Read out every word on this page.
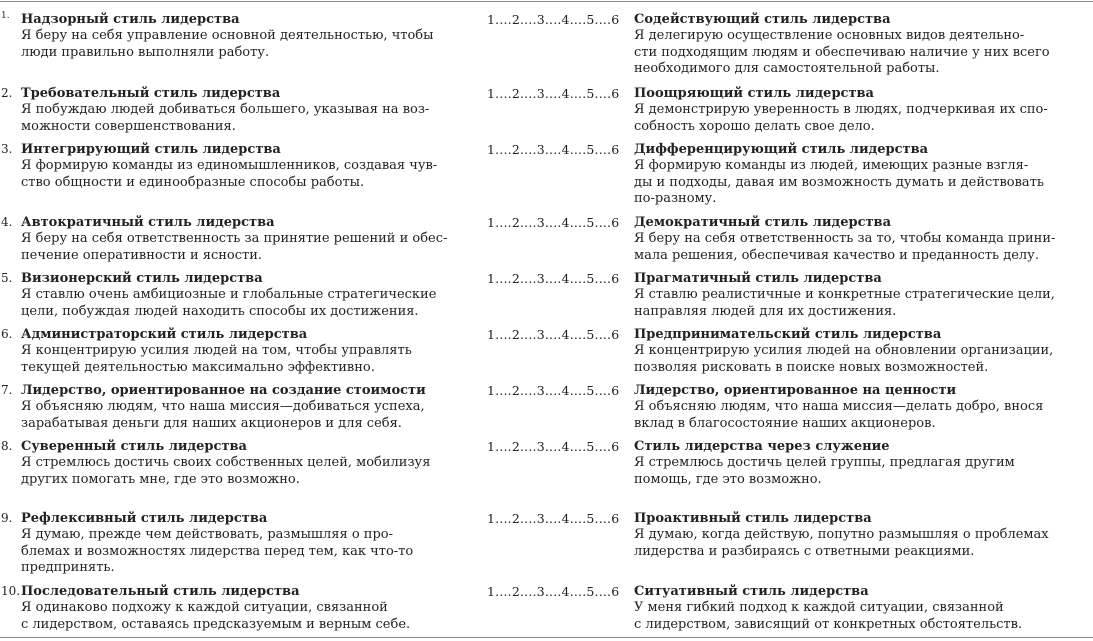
1. Надзорный стиль лидерства
Я беру на себя управление основной деятельностью, чтобы
люди правильно выполняли работу.
1....2....3....4....5....6	Содействующий стиль лидерства
Я делегирую осуществление основных видов деятельно-
сти подходящим людям и обеспечиваю наличие у них всего
необходимого для самостоятельной работы.
2. Требовательный стиль лидерства
Я побуждаю людей добиваться большего, указывая на воз-
можности совершенствования.
1....2....3....4....5....6	Поощряющий стиль лидерства
Я демонстрирую уверенность в людях, подчеркивая их спо-
собность хорошо делать свое дело.
3. Интегрирующий стиль лидерства
Я формирую команды из единомышленников, создавая чув-
ство общности и единообразные способы работы.
1....2....3....4....5....6	Дифференцирующий стиль лидерства
Я формирую команды из людей, имеющих разные взгля-
ды и подходы, давая им возможность думать и действовать
по-разному.
4. Автократичный стиль лидерства
Я беру на себя ответственность за принятие решений и обес-
печение оперативности и ясности.
1....2....3....4....5....6	Демократичный стиль лидерства
Я беру на себя ответственность за то, чтобы команда прини-
мала решения, обеспечивая качество и преданность делу.
5. Визионерский стиль лидерства
Я ставлю очень амбициозные и глобальные стратегические
цели, побуждая людей находить способы их достижения.
1....2....3....4....5....6	Прагматичный стиль лидерства
Я ставлю реалистичные и конкретные стратегические цели,
направляя людей для их достижения.
6. Администраторский стиль лидерства
Я концентрирую усилия людей на том, чтобы управлять
текущей деятельностью максимально эффективно.
1....2....3....4....5....6	Предпринимательский стиль лидерства
Я концентрирую усилия людей на обновлении организации,
позволяя рисковать в поиске новых возможностей.
7. Лидерство, ориентированное на создание стоимости
Я объясняю людям, что наша миссия—добиваться успеха,
зарабатывая деньги для наших акционеров и для себя.
1....2....3....4....5....6	Лидерство, ориентированное на ценности
Я объясняю людям, что наша миссия—делать добро, внося
вклад в благосостояние наших акционеров.
8. Суверенный стиль лидерства
Я стремлюсь достичь своих собственных целей, мобилизуя
других помогать мне, где это возможно.
1....2....3....4....5....6	Стиль лидерства через служение
Я стремлюсь достичь целей группы, предлагая другим
помощь, где это возможно.
9. Рефлексивный стиль лидерства
Я думаю, прежде чем действовать, размышляя о про-
блемах и возможностях лидерства перед тем, как что-то
предпринять.
1....2....3....4....5....6	Проактивный стиль лидерства
Я думаю, когда действую, попутно размышляя о проблемах
лидерства и разбираясь с ответными реакциями.
10. Последовательный стиль лидерства
Я одинаково подхожу к каждой ситуации, связанной
с лидерством, оставаясь предсказуемым и верным себе.
1....2....3....4....5....6	Ситуативный стиль лидерства
У меня гибкий подход к каждой ситуации, связанной
с лидерством, зависящий от конкретных обстоятельств.
